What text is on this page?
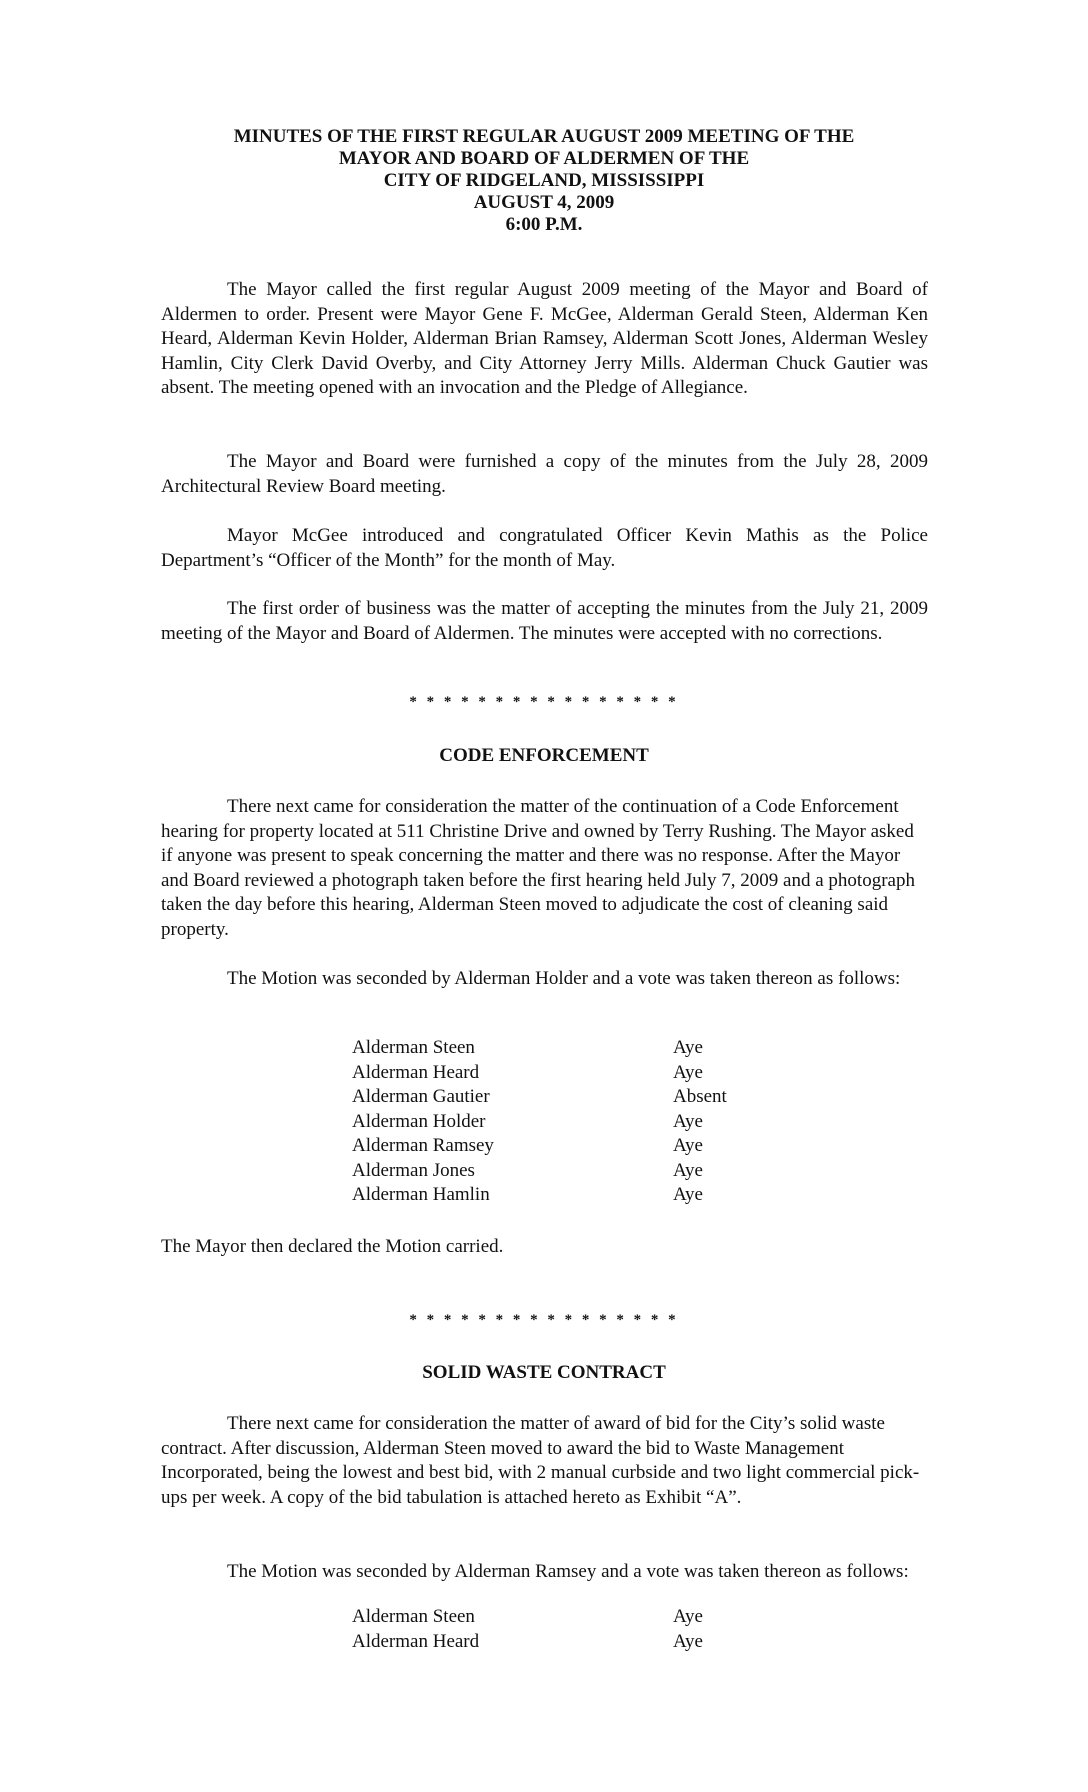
MINUTES OF THE FIRST REGULAR AUGUST 2009 MEETING OF THE
MAYOR AND BOARD OF ALDERMEN OF THE
CITY OF RIDGELAND, MISSISSIPPI
AUGUST 4, 2009
6:00 P.M.

The Mayor called the first regular August 2009 meeting of the Mayor and Board of Aldermen to order. Present were Mayor Gene F. McGee, Alderman Gerald Steen, Alderman Ken Heard, Alderman Kevin Holder, Alderman Brian Ramsey, Alderman Scott Jones, Alderman Wesley Hamlin, City Clerk David Overby, and City Attorney Jerry Mills. Alderman Chuck Gautier was absent. The meeting opened with an invocation and the Pledge of Allegiance.

The Mayor and Board were furnished a copy of the minutes from the July 28, 2009 Architectural Review Board meeting.

Mayor McGee introduced and congratulated Officer Kevin Mathis as the Police Department’s “Officer of the Month” for the month of May.

The first order of business was the matter of accepting the minutes from the July 21, 2009 meeting of the Mayor and Board of Aldermen. The minutes were accepted with no corrections.

* * * * * * * * * * * * * * * *
CODE ENFORCEMENT

There next came for consideration the matter of the continuation of a Code Enforcement hearing for property located at 511 Christine Drive and owned by Terry Rushing. The Mayor asked if anyone was present to speak concerning the matter and there was no response. After the Mayor and Board reviewed a photograph taken before the first hearing held July 7, 2009 and a photograph taken the day before this hearing, Alderman Steen moved to adjudicate the cost of cleaning said property.

The Motion was seconded by Alderman Holder and a vote was taken thereon as follows:

Alderman Steen	Aye
Alderman Heard	Aye
Alderman Gautier	Absent
Alderman Holder	Aye
Alderman Ramsey	Aye
Alderman Jones	Aye
Alderman Hamlin	Aye

The Mayor then declared the Motion carried.

* * * * * * * * * * * * * * * *
SOLID WASTE CONTRACT

There next came for consideration the matter of award of bid for the City’s solid waste contract. After discussion, Alderman Steen moved to award the bid to Waste Management Incorporated, being the lowest and best bid, with 2 manual curbside and two light commercial pick-ups per week. A copy of the bid tabulation is attached hereto as Exhibit “A”.

The Motion was seconded by Alderman Ramsey and a vote was taken thereon as follows:

Alderman Steen	Aye
Alderman Heard	Aye
